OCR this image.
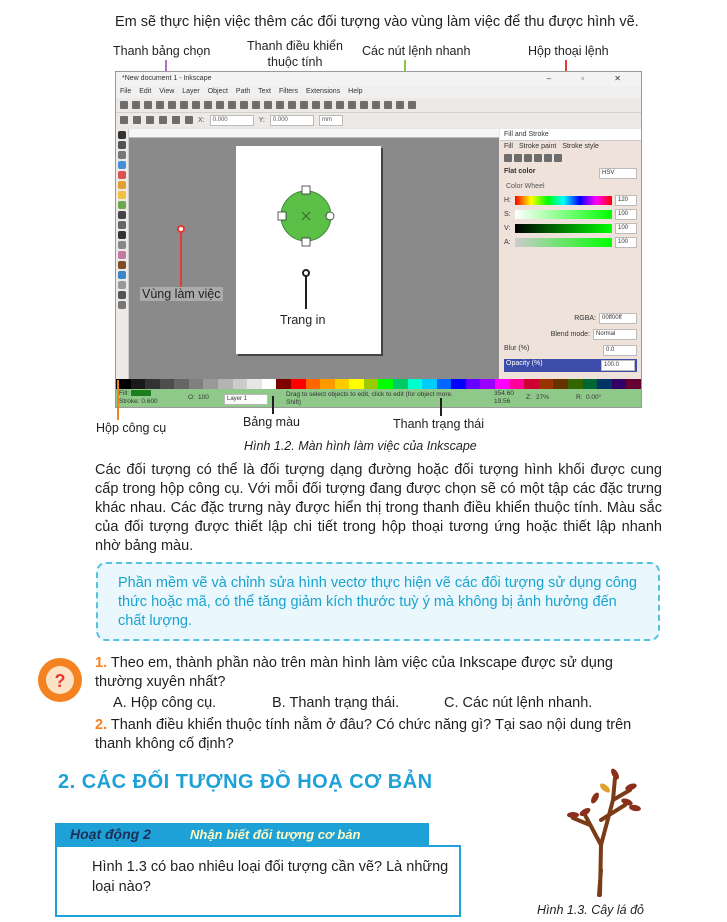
Em sẽ thực hiện việc thêm các đối tượng vào vùng làm việc để thu được hình vẽ.
Thanh bảng chọn	Thanh điều khiển thuộc tính
Các nút lệnh nhanh	Hộp thoại lệnh
*New document 1 - Inkscape	‒ ▫ ✕
File Edit View Layer Object Path Text Filters Extensions Help
X:	0.000	Y:	0.000	mm
Fill and Stroke
Fill Stroke paint Stroke style
Flat color	HSV
Color Wheel
H:	120
S:	100
V:	100
A:	100
RGBA:	00ff00ff
Blend mode:	Normal
Blur (%)	0.0
Opacity (%)	100.0
Fill:
Stroke: 0.600
O: 100	Layer 1
Drag to select objects to edit, click to edit (for object more. Shift)
354.60
19.56
Z: 27%	R: 0.00°
Vùng làm việc
Trang in
Hộp công cụ	Bảng màu	Thanh trạng thái
Hình 1.2. Màn hình làm việc của Inkscape
Các đối tượng có thể là đối tượng dạng đường hoặc đối tượng hình khối được cung cấp trong hộp công cụ. Với mỗi đối tượng đang được chọn sẽ có một tập các đặc trưng khác nhau. Các đặc trưng này được hiển thị trong thanh điều khiển thuộc tính. Màu sắc của đối tượng được thiết lập chi tiết trong hộp thoại tương ứng hoặc thiết lập nhanh nhờ bảng màu.
Phần mềm vẽ và chỉnh sửa hình vectơ thực hiện vẽ các đối tượng sử dụng công thức hoặc mã, có thể tăng giảm kích thước tuỳ ý mà không bị ảnh hưởng đến chất lượng.
?
1. Theo em, thành phần nào trên màn hình làm việc của Inkscape được sử dụng thường xuyên nhất?
A. Hộp công cụ.	B. Thanh trạng thái.	C. Các nút lệnh nhanh.
2. Thanh điều khiển thuộc tính nằm ở đâu? Có chức năng gì? Tại sao nội dung trên thanh không cố định?
2. CÁC ĐỐI TƯỢNG ĐỒ HOẠ CƠ BẢN
Hoạt động 2	Nhận biết đối tượng cơ bản
Hình 1.3 có bao nhiêu loại đối tượng cần vẽ? Là những loại nào?
Hình 1.3. Cây lá đỏ
